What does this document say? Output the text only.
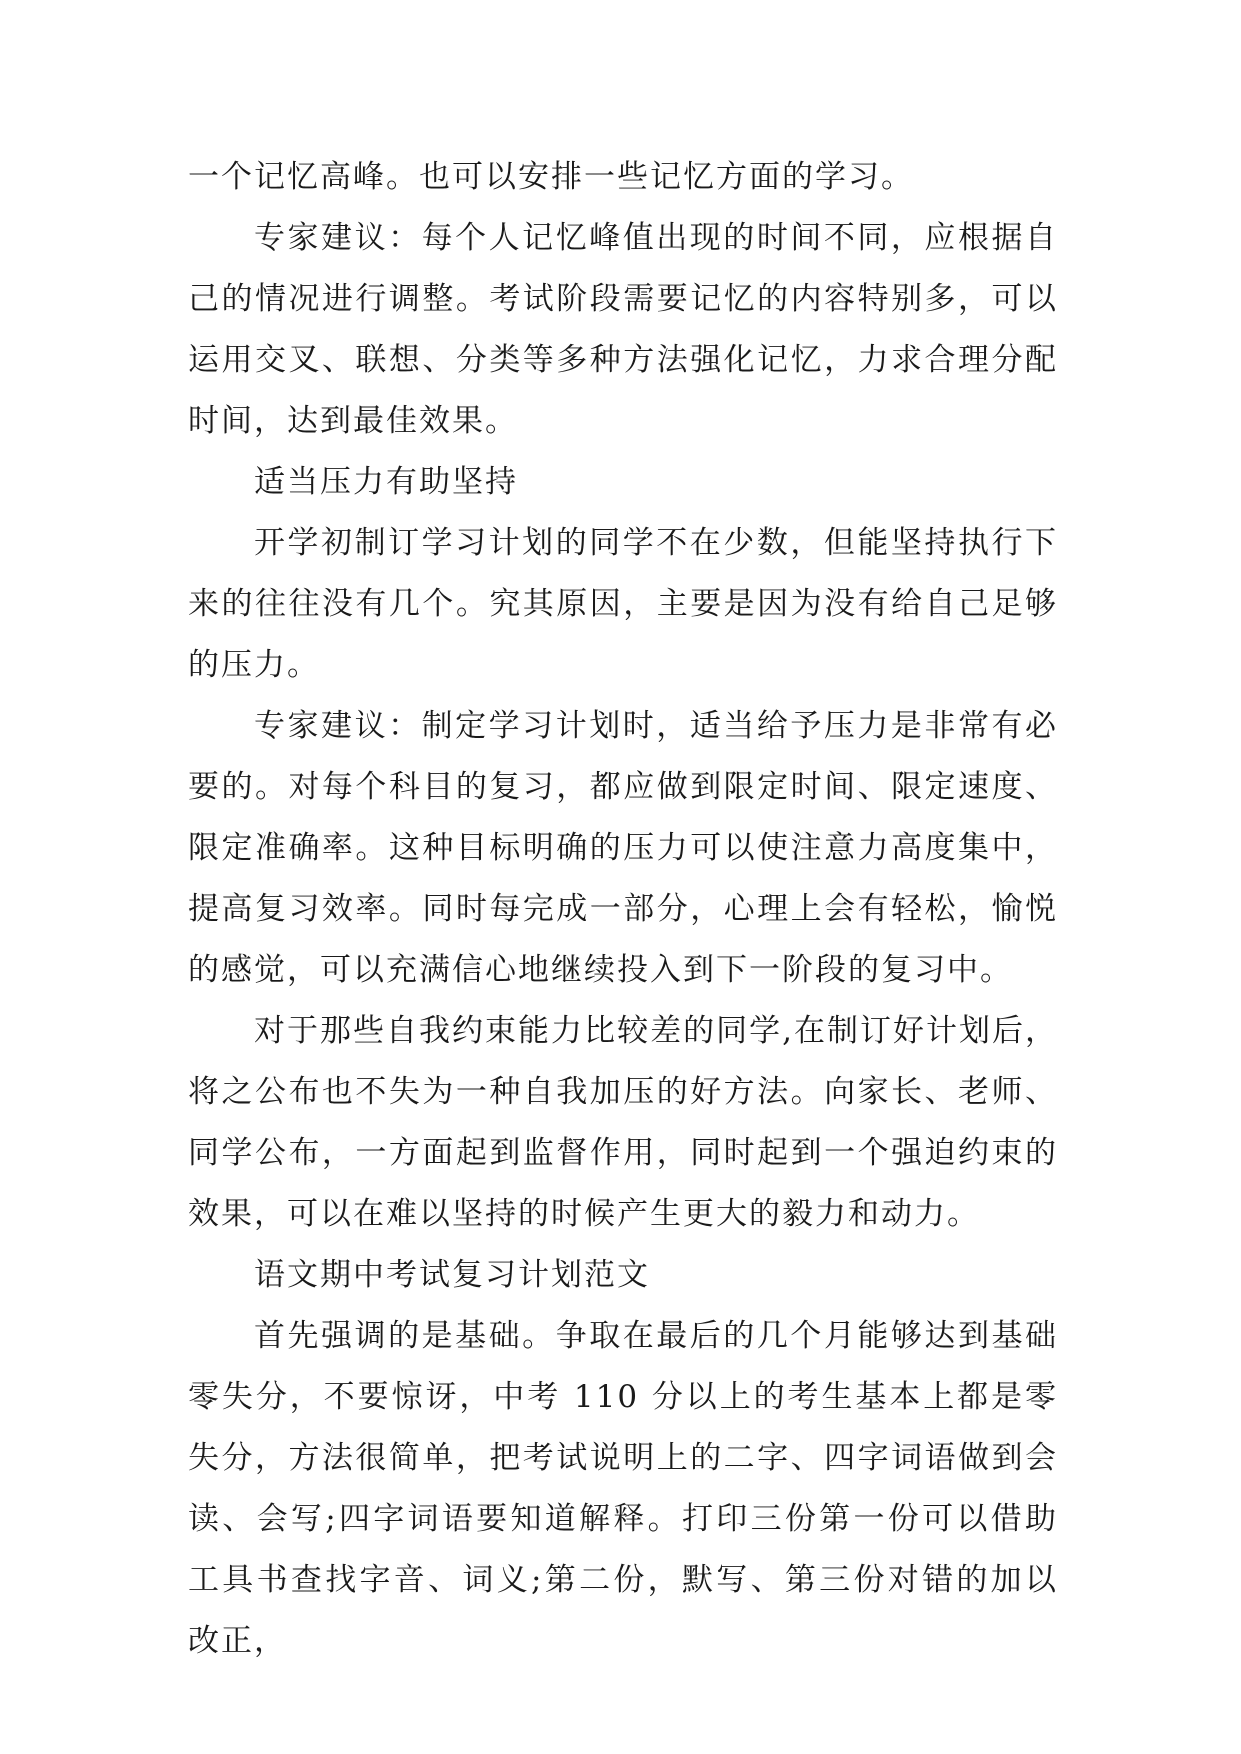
一个记忆高峰。也可以安排一些记忆方面的学习。

专家建议：每个人记忆峰值出现的时间不同，应根据自己的情况进行调整。考试阶段需要记忆的内容特别多，可以运用交叉、联想、分类等多种方法强化记忆，力求合理分配时间，达到最佳效果。

适当压力有助坚持

开学初制订学习计划的同学不在少数，但能坚持执行下来的往往没有几个。究其原因，主要是因为没有给自己足够的压力。

专家建议：制定学习计划时，适当给予压力是非常有必要的。对每个科目的复习，都应做到限定时间、限定速度、限定准确率。这种目标明确的压力可以使注意力高度集中，提高复习效率。同时每完成一部分，心理上会有轻松，愉悦的感觉，可以充满信心地继续投入到下一阶段的复习中。

对于那些自我约束能力比较差的同学,在制订好计划后，将之公布也不失为一种自我加压的好方法。向家长、老师、同学公布，一方面起到监督作用，同时起到一个强迫约束的效果，可以在难以坚持的时候产生更大的毅力和动力。

语文期中考试复习计划范文

首先强调的是基础。争取在最后的几个月能够达到基础零失分，不要惊讶，中考 110 分以上的考生基本上都是零失分，方法很简单，把考试说明上的二字、四字词语做到会读、会写;四字词语要知道解释。打印三份第一份可以借助工具书查找字音、词义;第二份，默写、第三份对错的加以改正，
